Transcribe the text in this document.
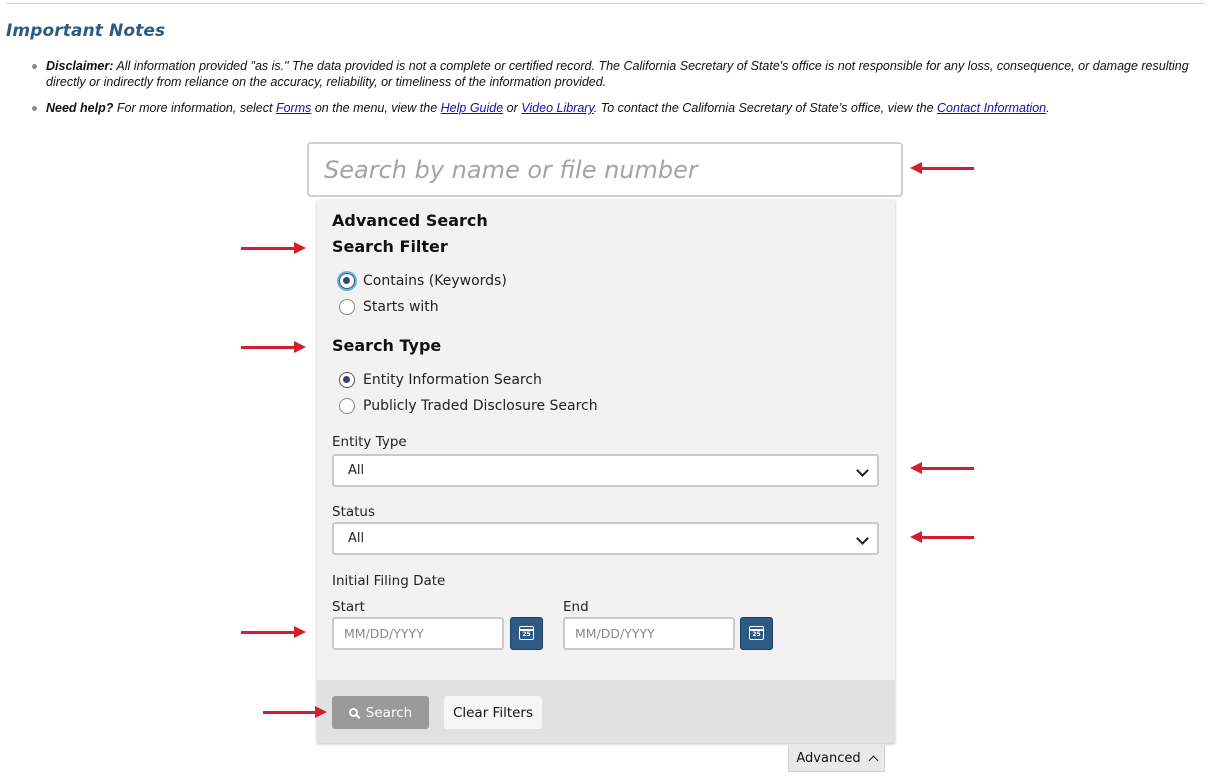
Important Notes
Disclaimer: All information provided "as is." The data provided is not a complete or certified record. The California Secretary of State's office is not responsible for any loss, consequence, or damage resulting directly or indirectly from reliance on the accuracy, reliability, or timeliness of the information provided.
Need help? For more information, select Forms on the menu, view the Help Guide or Video Library. To contact the California Secretary of State’s office, view the Contact Information.
Search by name or file number
Advanced Search
Search Filter
Contains (Keywords)
Starts with
Search Type
Entity Information Search
Publicly Traded Disclosure Search
Entity Type
All
Status
All
Initial Filing Date
Start	End
MM/DD/YYYY	25	MM/DD/YYYY	25
Search	Clear Filters
Advanced
